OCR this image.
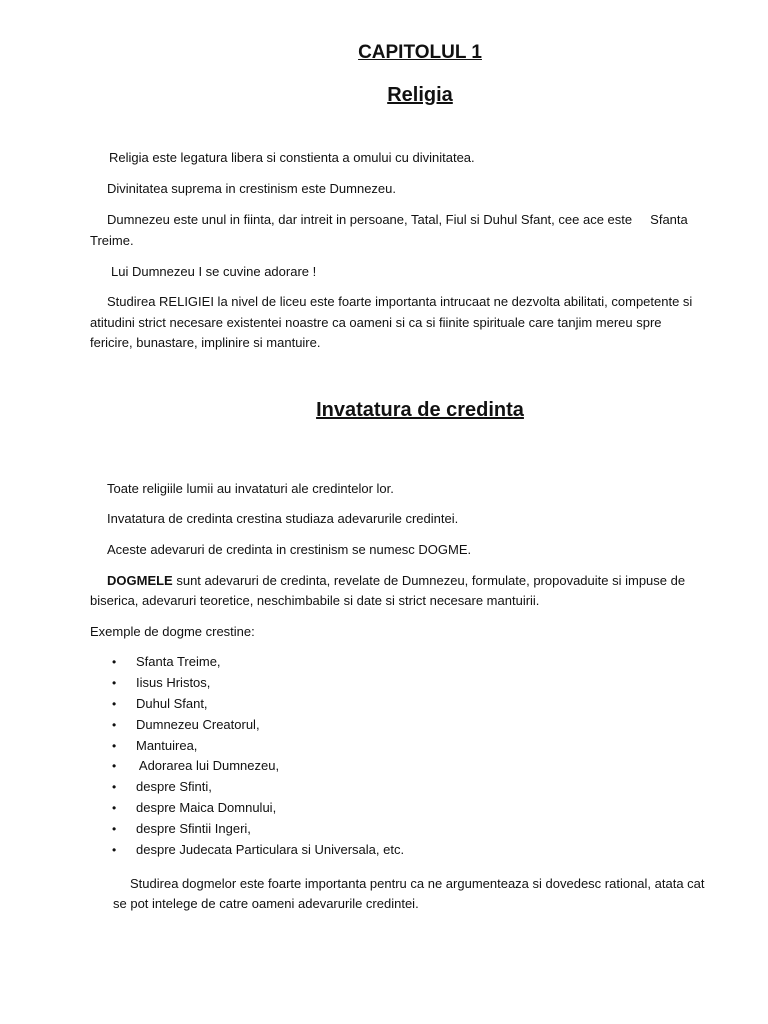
CAPITOLUL 1
Religia

Religia este legatura libera si constienta a omului cu divinitatea.

Divinitatea suprema in crestinism este Dumnezeu.

Dumnezeu este unul in fiinta, dar intreit in persoane, Tatal, Fiul si Duhul Sfant, cee ace este     Sfanta

Treime.

Lui Dumnezeu I se cuvine adorare !

Studirea RELIGIEI la nivel de liceu este foarte importanta intrucaat ne dezvolta abilitati, competente si

atitudini strict necesare existentei noastre ca oameni si ca si fiinite spirituale care tanjim mereu spre

fericire, bunastare, implinire si mantuire.

Invatatura de credinta

Toate religiile lumii au invataturi ale credintelor lor.

Invatatura de credinta crestina studiaza adevarurile credintei.

Aceste adevaruri de credinta in crestinism se numesc DOGME.

DOGMELE sunt adevaruri de credinta, revelate de Dumnezeu, formulate, propovaduite si impuse de

biserica, adevaruri teoretice, neschimbabile si date si strict necesare mantuirii.

Exemple de dogme crestine:

• Sfanta Treime,
• Iisus Hristos,
• Duhul Sfant,
• Dumnezeu Creatorul,
• Mantuirea,
• Adorarea lui Dumnezeu,
• despre Sfinti,
• despre Maica Domnului,
• despre Sfintii Ingeri,
• despre Judecata Particulara si Universala, etc.

Studirea dogmelor este foarte importanta pentru ca ne argumenteaza si dovedesc rational, atata cat

se pot intelege de catre oameni adevarurile credintei.
